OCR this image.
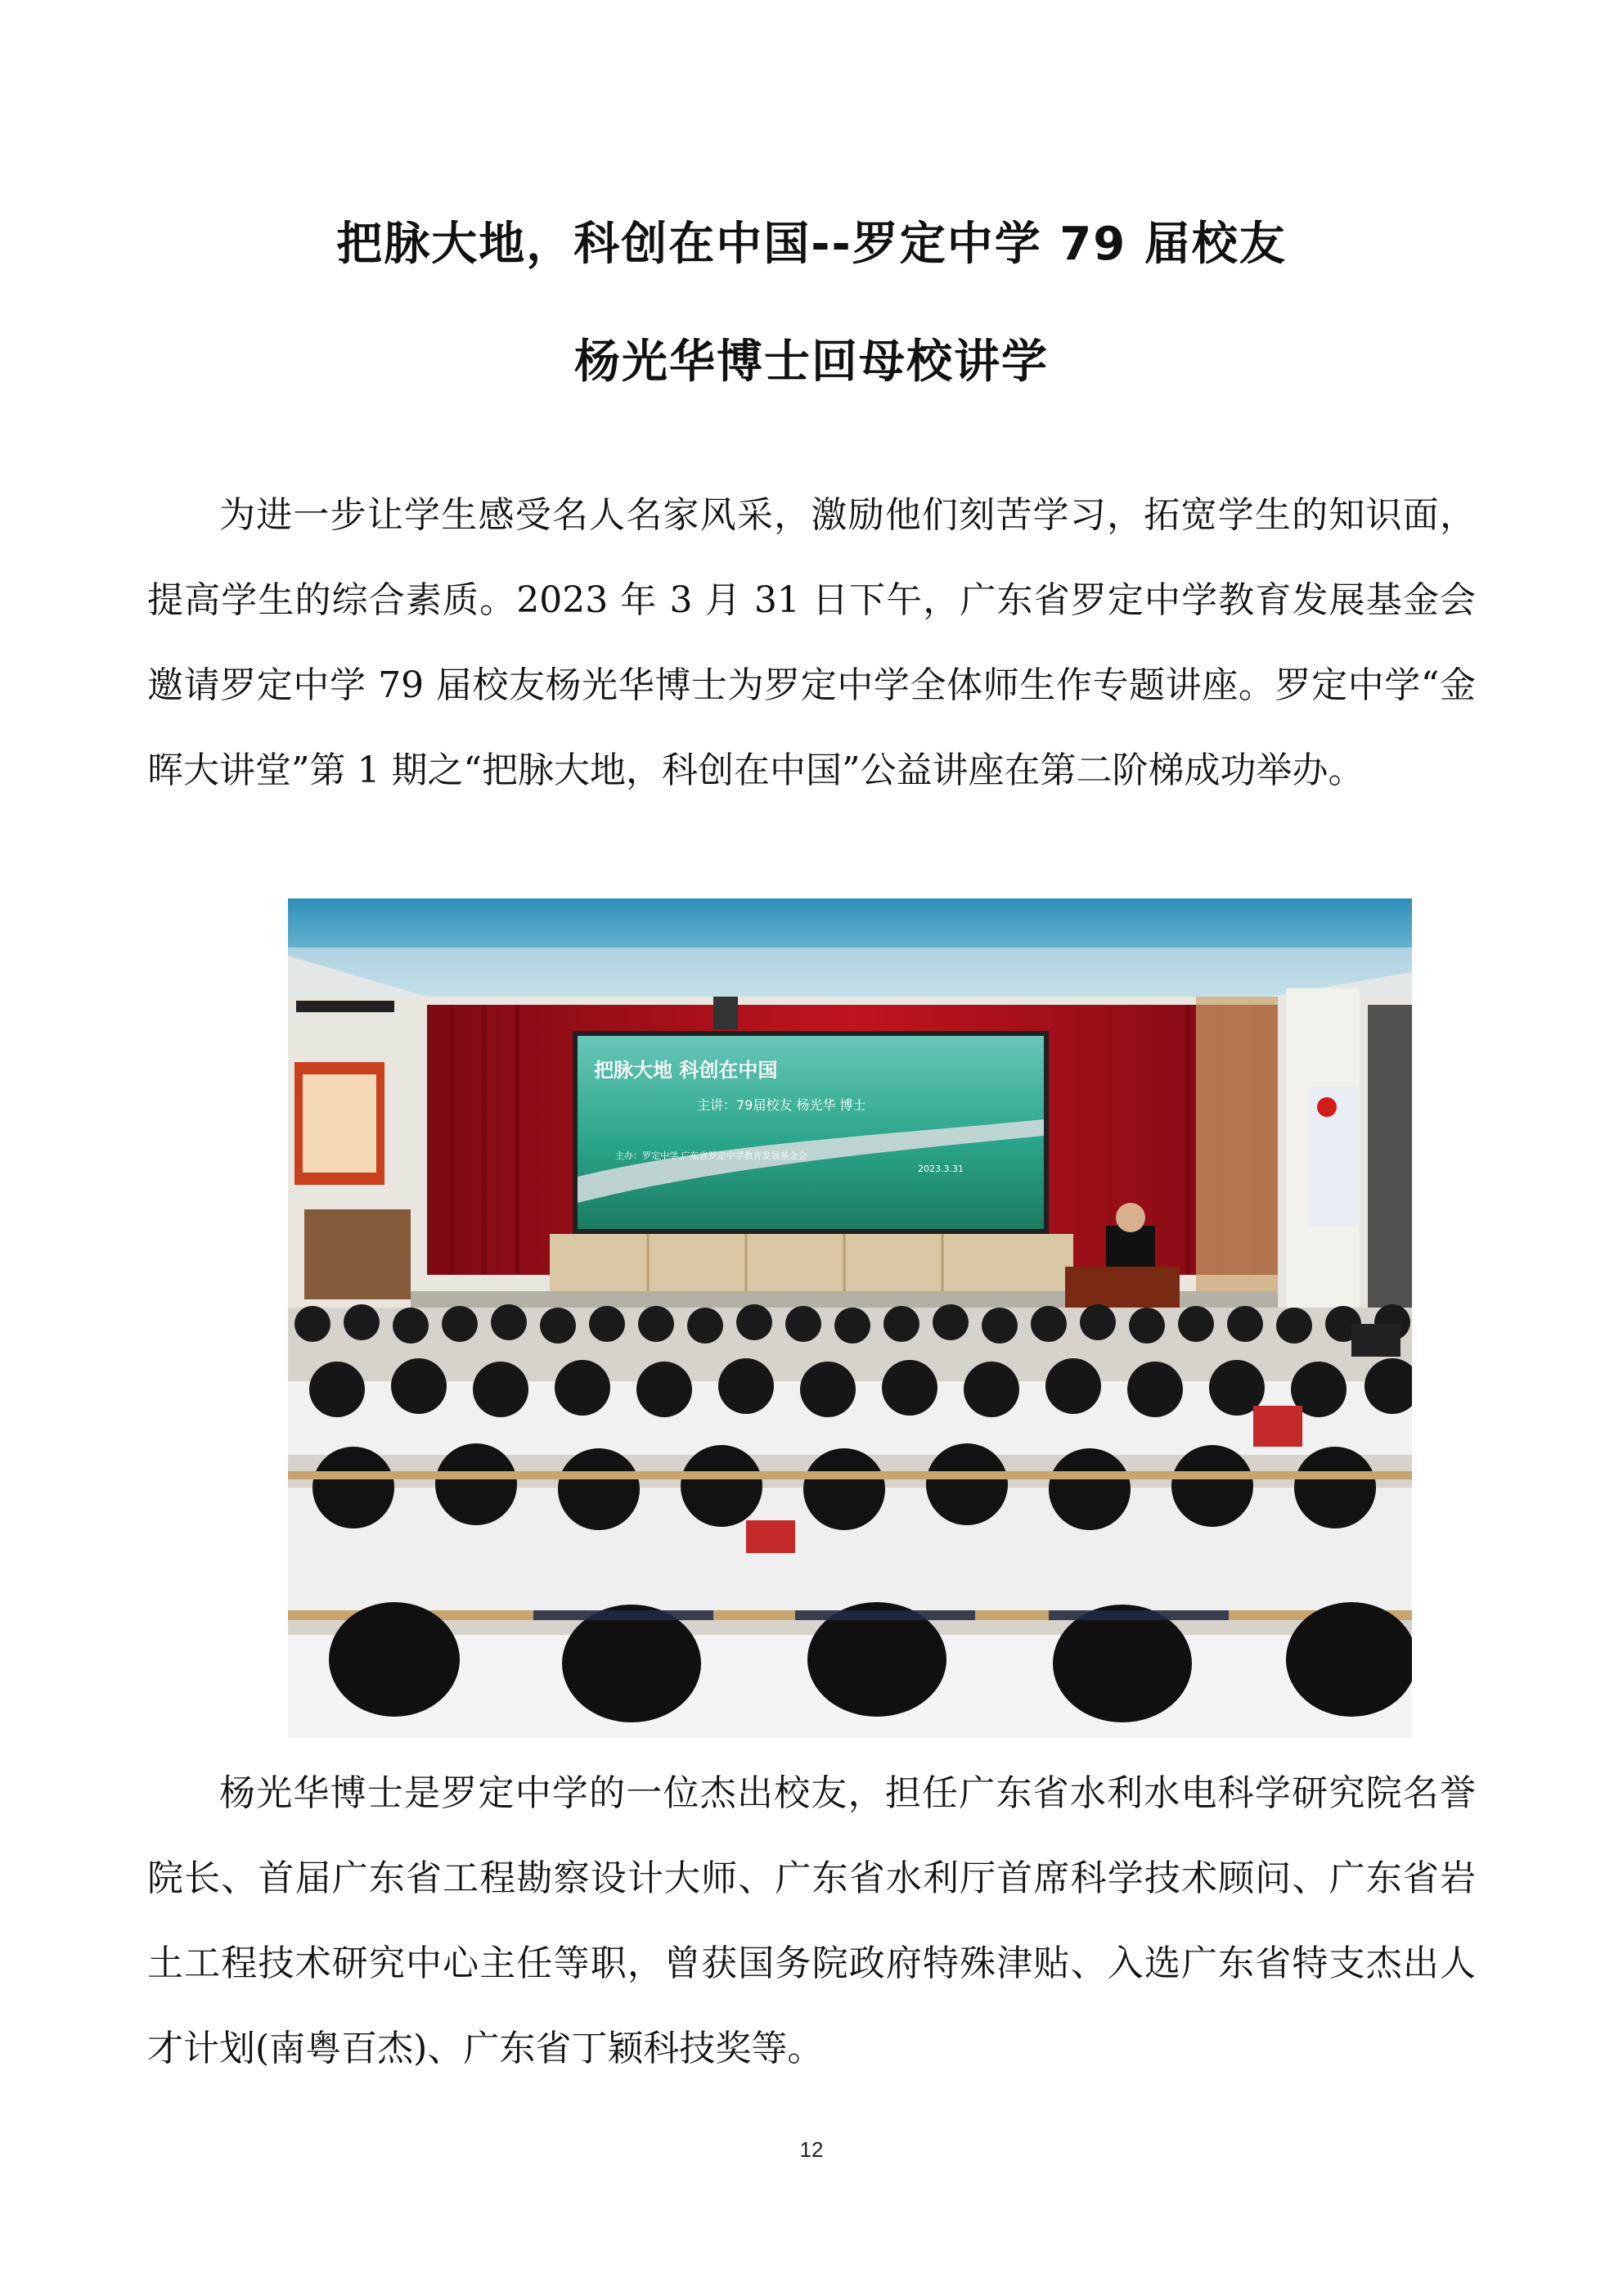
把脉大地，科创在中国--罗定中学 79 届校友
杨光华博士回母校讲学

为进一步让学生感受名人名家风采，激励他们刻苦学习，拓宽学生的知识面，提高学生的综合素质。2023 年 3 月 31 日下午，广东省罗定中学教育发展基金会邀请罗定中学 79 届校友杨光华博士为罗定中学全体师生作专题讲座。罗定中学“金晖大讲堂”第 1 期之“把脉大地，科创在中国”公益讲座在第二阶梯成功举办。

把脉大地 科创在中国
主讲：79届校友 杨光华 博士
主办：罗定中学 广东省罗定中学教育发展基金会
2023.3.31

杨光华博士是罗定中学的一位杰出校友，担任广东省水利水电科学研究院名誉院长、首届广东省工程勘察设计大师、广东省水利厅首席科学技术顾问、广东省岩土工程技术研究中心主任等职，曾获国务院政府特殊津贴、入选广东省特支杰出人才计划(南粤百杰)、广东省丁颖科技奖等。

12
